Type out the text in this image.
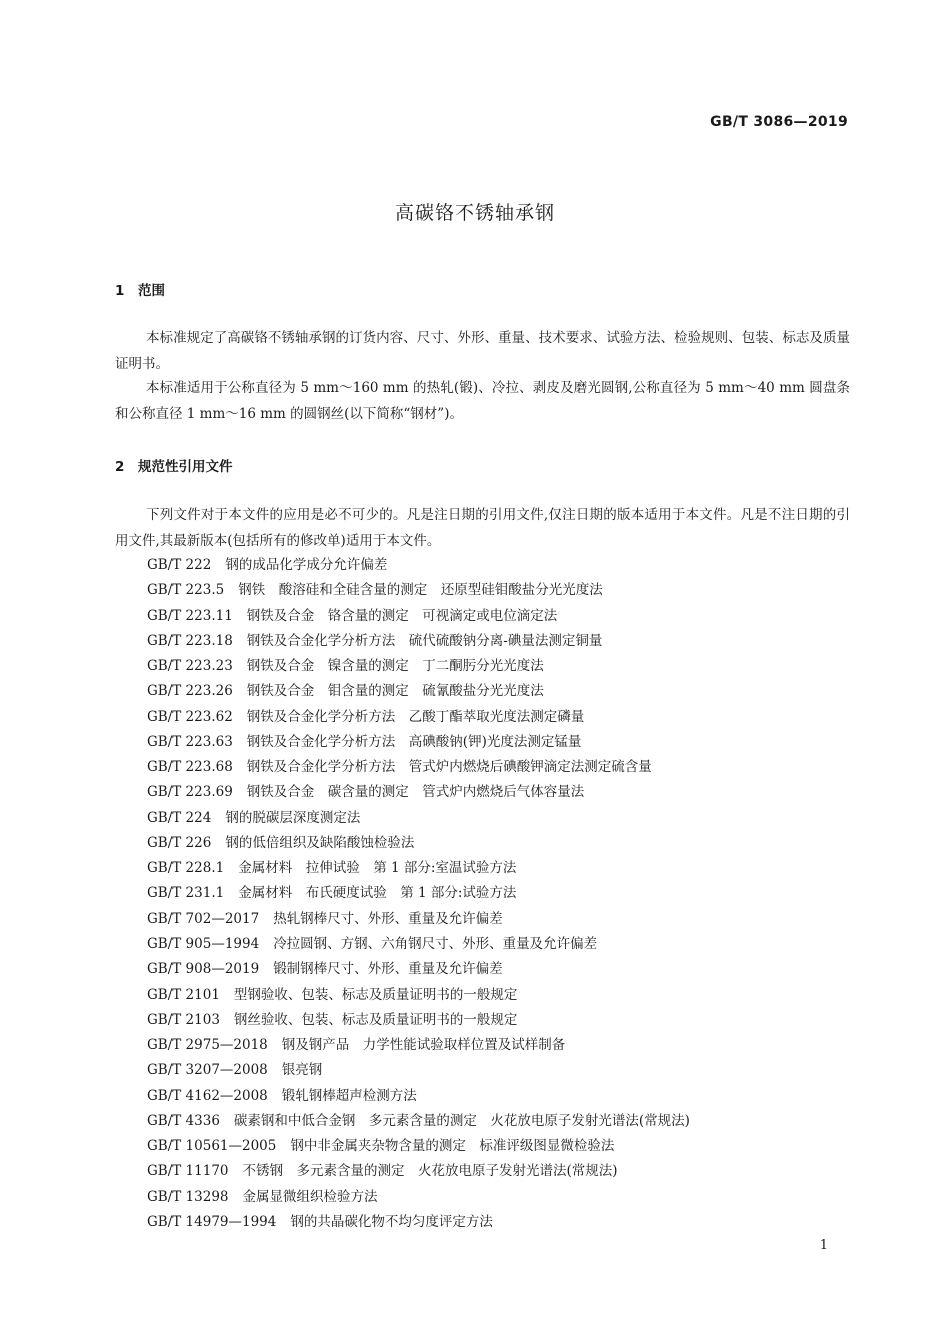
GB/T 3086—2019
高碳铬不锈轴承钢
1 范围

本标准规定了高碳铬不锈轴承钢的订货内容、尺寸、外形、重量、技术要求、试验方法、检验规则、包装、标志及质量证明书。

本标准适用于公称直径为 5 mm～160 mm 的热轧(锻)、冷拉、剥皮及磨光圆钢,公称直径为 5 mm～40 mm 圆盘条和公称直径 1 mm～16 mm 的圆钢丝(以下简称“钢材”)。

2 规范性引用文件

下列文件对于本文件的应用是必不可少的。凡是注日期的引用文件,仅注日期的版本适用于本文件。凡是不注日期的引用文件,其最新版本(包括所有的修改单)适用于本文件。

GB/T 222 钢的成品化学成分允许偏差
GB/T 223.5 钢铁　酸溶硅和全硅含量的测定　还原型硅钼酸盐分光光度法
GB/T 223.11 钢铁及合金　铬含量的测定　可视滴定或电位滴定法
GB/T 223.18 钢铁及合金化学分析方法　硫代硫酸钠分离-碘量法测定铜量
GB/T 223.23 钢铁及合金　镍含量的测定　丁二酮肟分光光度法
GB/T 223.26 钢铁及合金　钼含量的测定　硫氰酸盐分光光度法
GB/T 223.62 钢铁及合金化学分析方法　乙酸丁酯萃取光度法测定磷量
GB/T 223.63 钢铁及合金化学分析方法　高碘酸钠(钾)光度法测定锰量
GB/T 223.68 钢铁及合金化学分析方法　管式炉内燃烧后碘酸钾滴定法测定硫含量
GB/T 223.69 钢铁及合金　碳含量的测定　管式炉内燃烧后气体容量法
GB/T 224 钢的脱碳层深度测定法
GB/T 226 钢的低倍组织及缺陷酸蚀检验法
GB/T 228.1 金属材料　拉伸试验　第 1 部分:室温试验方法
GB/T 231.1 金属材料　布氏硬度试验　第 1 部分:试验方法
GB/T 702—2017 热轧钢棒尺寸、外形、重量及允许偏差
GB/T 905—1994 冷拉圆钢、方钢、六角钢尺寸、外形、重量及允许偏差
GB/T 908—2019 锻制钢棒尺寸、外形、重量及允许偏差
GB/T 2101 型钢验收、包装、标志及质量证明书的一般规定
GB/T 2103 钢丝验收、包装、标志及质量证明书的一般规定
GB/T 2975—2018 钢及钢产品　力学性能试验取样位置及试样制备
GB/T 3207—2008 银亮钢
GB/T 4162—2008 锻轧钢棒超声检测方法
GB/T 4336 碳素钢和中低合金钢　多元素含量的测定　火花放电原子发射光谱法(常规法)
GB/T 10561—2005 钢中非金属夹杂物含量的测定　标准评级图显微检验法
GB/T 11170 不锈钢　多元素含量的测定　火花放电原子发射光谱法(常规法)
GB/T 13298 金属显微组织检验方法
GB/T 14979—1994 钢的共晶碳化物不均匀度评定方法
1
